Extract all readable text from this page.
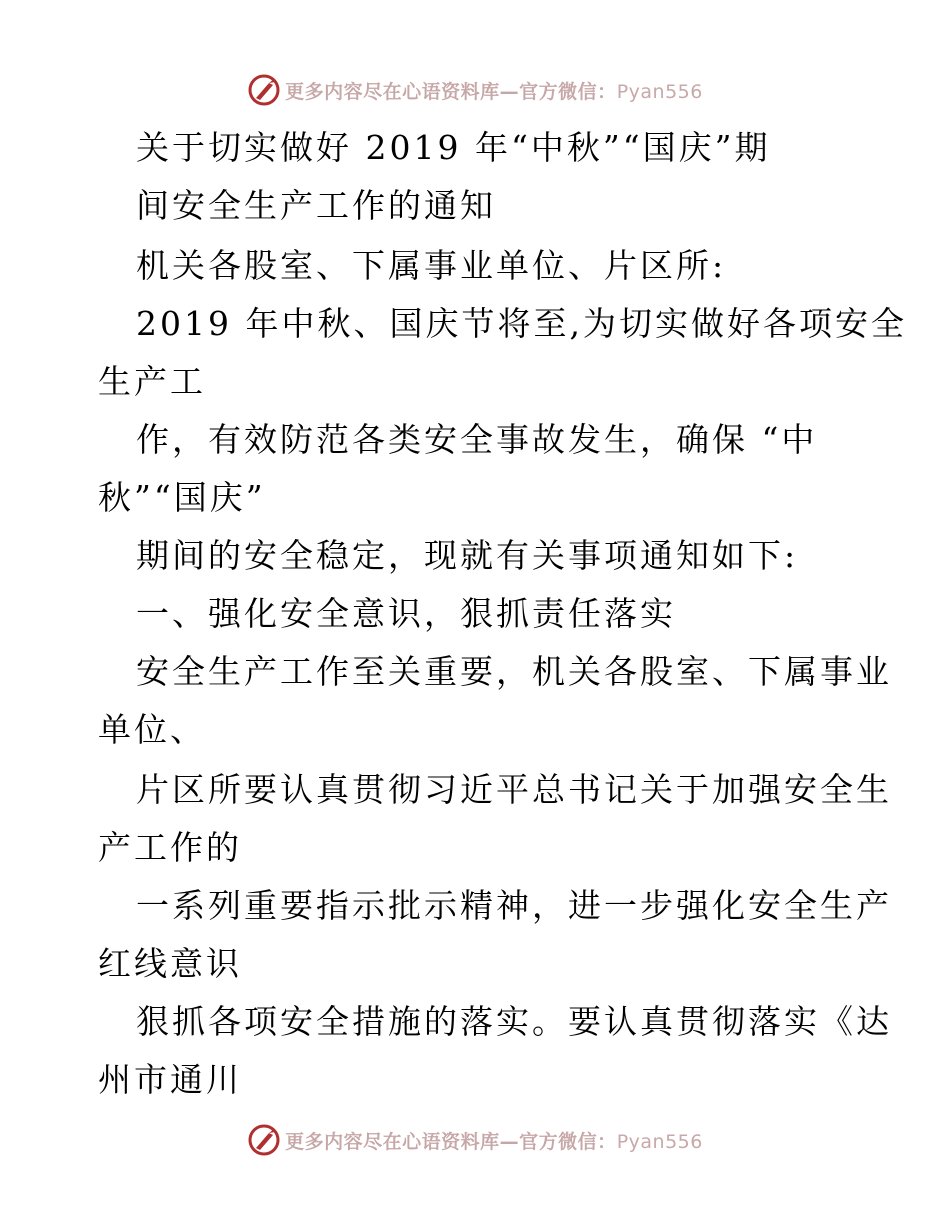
更多内容尽在心语资料库—官方微信：Pyan556
关于切实做好 2019 年“中秋”“国庆”期
间安全生产工作的通知
机关各股室、下属事业单位、片区所:
2019 年中秋、国庆节将至,为切实做好各项安全
生产工
作，有效防范各类安全事故发生，确保 “中
秋”“国庆”
期间的安全稳定，现就有关事项通知如下:
一、强化安全意识，狠抓责任落实
安全生产工作至关重要，机关各股室、下属事业
单位、
片区所要认真贯彻习近平总书记关于加强安全生
产工作的
一系列重要指示批示精神，进一步强化安全生产
红线意识
狠抓各项安全措施的落实。要认真贯彻落实《达
州市通川
更多内容尽在心语资料库—官方微信：Pyan556
